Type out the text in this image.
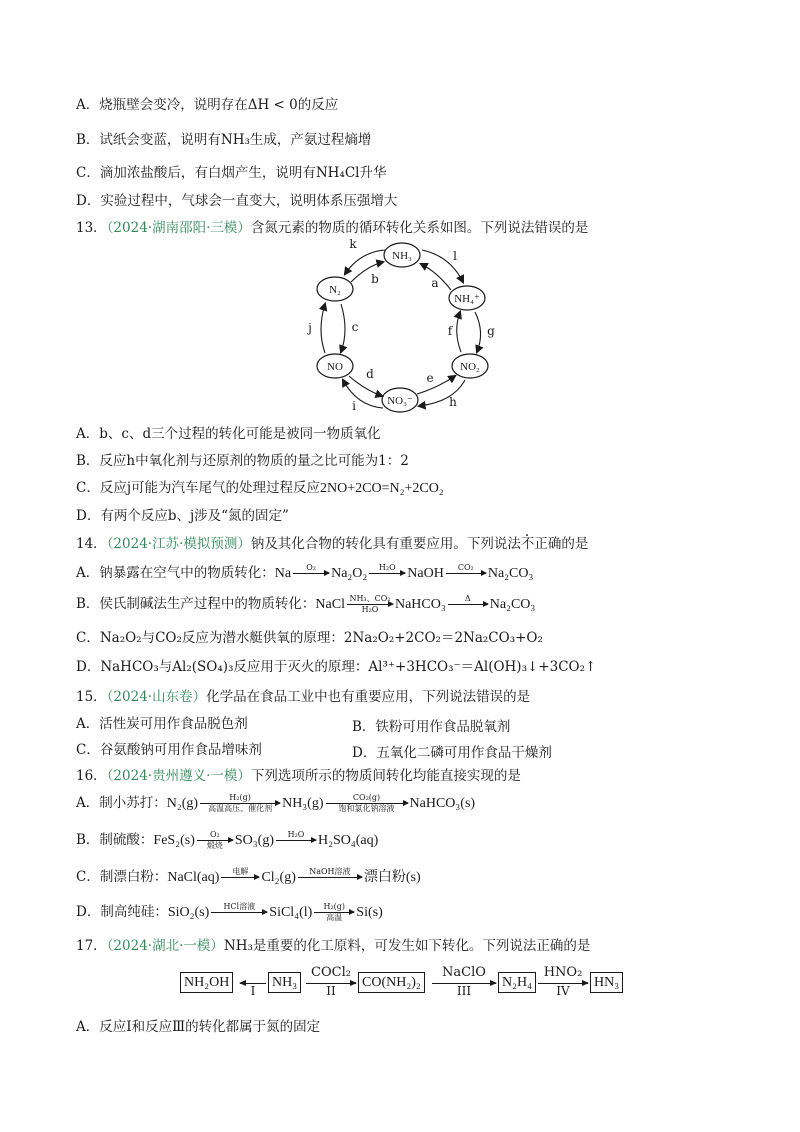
A．烧瓶壁会变冷，说明存在ΔH < 0的反应
B．试纸会变蓝，说明有NH₃生成，产氨过程熵增
C．滴加浓盐酸后，有白烟产生，说明有NH₄Cl升华
D．实验过程中，气球会一直变大，说明体系压强增大
13．（2024·湖南邵阳·三模）含氮元素的物质的循环转化关系如图。下列说法错误的是
NH₃
NH₄⁺
NO₂
NO₃⁻
NO
N₂
k
b
l
a
j	c	f	g
d	e
i	h
A．b、c、d三个过程的转化可能是被同一物质氧化
B．反应h中氧化剂与还原剂的物质的量之比可能为1：2
C．反应j可能为汽车尾气的处理过程反应2NO+2CO=N₂+2CO₂
D．有两个反应b、j涉及“氮的固定”
14．（2024·江苏·模拟预测）钠及其化合物的转化具有重要应用。下列说法不正确的是
A．钠暴露在空气中的物质转化：Na	O₂	Na₂O₂	H₂O NaOH	CO₂	Na₂CO₃
B．侯氏制碱法生产过程中的物质转化：NaCl $\frac{\text{NH₃、CO₂}}{\text{H₂O}}$ NaHCO₃	Δ	Na₂CO₃
C．Na₂O₂与CO₂反应为潜水艇供氧的原理：2Na₂O₂+2CO₂＝2Na₂CO₃+O₂
D．NaHCO₃与Al₂(SO₄)₃反应用于灭火的原理：Al³⁺+3HCO₃⁻＝Al(OH)₃↓+3CO₂↑
15．（2024·山东卷）化学品在食品工业中也有重要应用，下列说法错误的是
A．活性炭可用作食品脱色剂	B．铁粉可用作食品脱氧剂
C．谷氨酸钠可用作食品增味剂	D．五氧化二磷可用作食品干燥剂
16．（2024·贵州遵义·一模）下列选项所示的物质间转化均能直接实现的是
A．制小苏打：N₂(g)	H₂(g)
高温高压、催化剂 NH₃(g)	CO₂(g)
饱和氯化钠溶液	NaHCO₃(s)
B．制硫酸：FeS₂(s)	O₂
煅烧 SO₃(g)	H₂O H₂SO₄(aq)
C．制漂白粉：NaCl(aq)	电解 Cl₂(g)	NaOH溶液 漂白粉(s)
D．制高纯硅：SiO₂(s)	HCl溶液	SiCl₄(l)	H₂(g)
高温	Si(s)
17．（2024·湖北·一模）NH₃是重要的化工原料，可发生如下转化。下列说法正确的是
NH₂OH
I
NH₃
COCl₂
II
CO(NH₂)₂
NaClO
III
N₂H₄
HNO₂
IV
HN₃
A．反应Ⅰ和反应Ⅲ的转化都属于氮的固定
